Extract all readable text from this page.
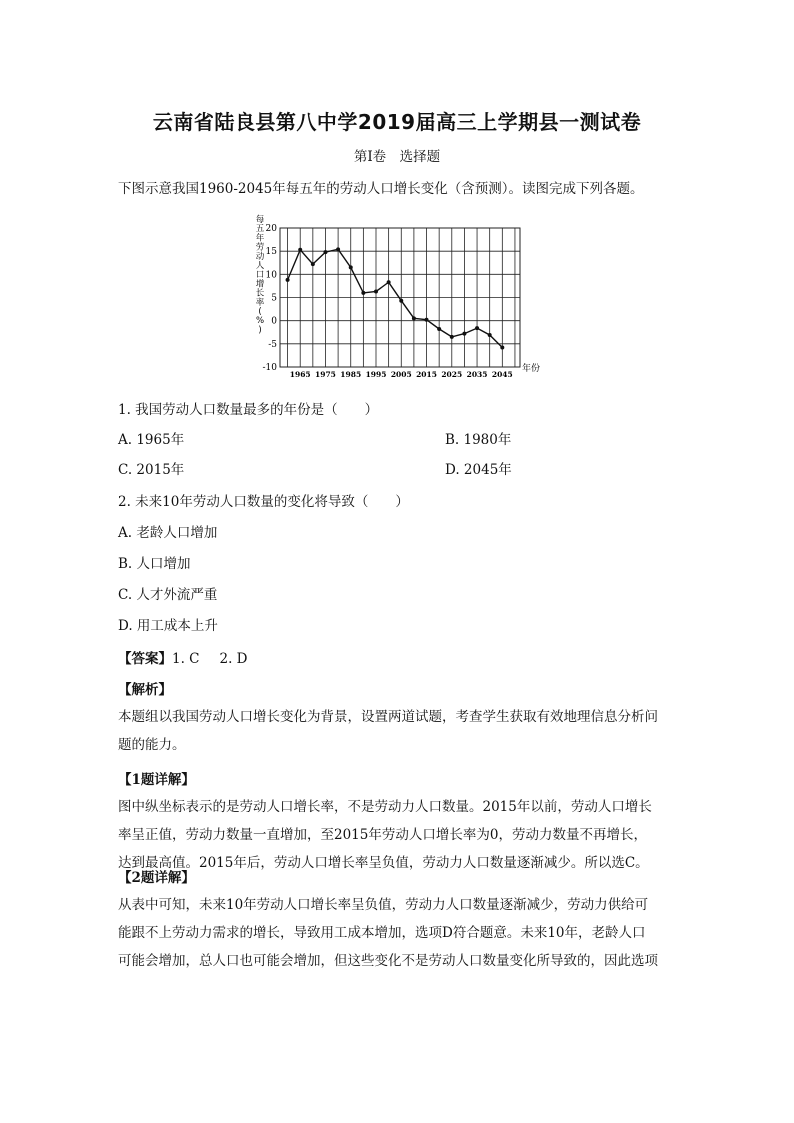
云南省陆良县第八中学2019届高三上学期县一测试卷
第Ⅰ卷　选择题
下图示意我国1960-2045年每五年的劳动人口增长变化（含预测）。读图完成下列各题。
20
15
10
5
0
-5
-10
1965 1975 1985 1995 2005 2015 2025 2035 2045
年份
每
五
年
劳
动
人
口
增
长
率
(
%
)
1. 我国劳动人口数量最多的年份是（　　）
A. 1965年	B. 1980年
C. 2015年	D. 2045年
2. 未来10年劳动人口数量的变化将导致（　　）
A. 老龄人口增加
B. 人口增加
C. 人才外流严重
D. 用工成本上升
【答案】1. C 2. D
【解析】

本题组以我国劳动人口增长变化为背景，设置两道试题，考查学生获取有效地理信息分析问

题的能力。

【1题详解】

图中纵坐标表示的是劳动人口增长率，不是劳动力人口数量。2015年以前，劳动人口增长

率呈正值，劳动力数量一直增加，至2015年劳动人口增长率为0，劳动力数量不再增长，

达到最高值。2015年后，劳动人口增长率呈负值，劳动力人口数量逐渐减少。所以选C。

【2题详解】

从表中可知，未来10年劳动人口增长率呈负值，劳动力人口数量逐渐减少，劳动力供给可

能跟不上劳动力需求的增长，导致用工成本增加，选项D符合题意。未来10年，老龄人口

可能会增加，总人口也可能会增加，但这些变化不是劳动人口数量变化所导致的，因此选项
